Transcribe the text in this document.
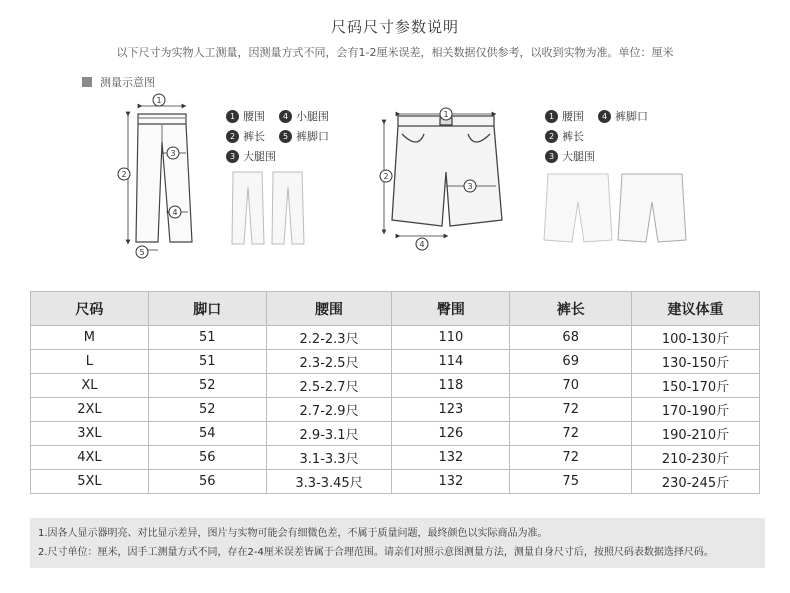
尺码尺寸参数说明
以下尺寸为实物人工测量，因测量方式不同，会有1-2厘米误差，相关数据仅供参考，以收到实物为准。单位：厘米
测量示意图
1
2
3
4
5
1
2
3
4
1 腰围	4 小腿围
2 裤长	5 裤脚口
3 大腿围
1 腰围	4 裤脚口
2 裤长
3 大腿围
尺码	脚口	腰围	臀围	裤长	建议体重
M	51	2.2-2.3尺	110	68	100-130斤
L	51	2.3-2.5尺	114	69	130-150斤
XL	52	2.5-2.7尺	118	70	150-170斤
2XL	52	2.7-2.9尺	123	72	170-190斤
3XL	54	2.9-3.1尺	126	72	190-210斤
4XL	56	3.1-3.3尺	132	72	210-230斤
5XL	56	3.3-3.45尺	132	75	230-245斤
1.因各人显示器明亮、对比显示差异，图片与实物可能会有细微色差，不属于质量问题，最终颜色以实际商品为准。
2.尺寸单位：厘米，因手工测量方式不同，存在2-4厘米误差皆属于合理范围。请亲们对照示意图测量方法，测量自身尺寸后，按照尺码表数据选择尺码。
